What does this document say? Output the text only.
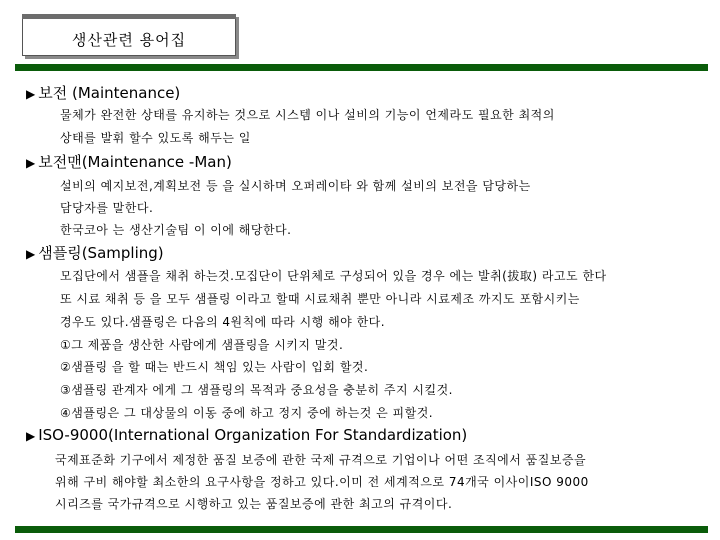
생산관련 용어집
▶ 보전 (Maintenance)
물체가 완전한 상태를 유지하는 것으로 시스템 이나 설비의 기능이 언제라도 필요한 최적의
상태를 발휘 할수 있도록 해두는 일
▶ 보전맨(Maintenance -Man)
설비의 예지보전,계획보전 등 을 실시하며 오퍼레이타 와 함께 설비의 보전을 담당하는
담당자를 말한다.
한국코아 는 생산기술팀 이 이에 해당한다.
▶ 샘플링(Sampling)
모집단에서 샘플을 채취 하는것.모집단이 단위체로 구성되어 있을 경우 에는 발취(拔取) 라고도 한다
또 시료 채취 등 을 모두 샘플링 이라고 할때 시료채취 뿐만 아니라 시료제조 까지도 포함시키는
경우도 있다.샘플링은 다음의 4원칙에 따라 시행 해야 한다.
①그 제품을 생산한 사람에게 샘플링을 시키지 말것.
②샘플링 을 할 때는 반드시 책임 있는 사람이 입회 할것.
③샘플링 관계자 에게 그 샘플링의 목적과 중요성을 충분히 주지 시킬것.
④샘플링은 그 대상물의 이동 중에 하고 정지 중에 하는것 은 피할것.
▶ ISO-9000(International Organization For Standardization)
국제표준화 기구에서 제정한 품질 보증에 관한 국제 규격으로 기업이나 어떤 조직에서 품질보증을
위해 구비 해야할 최소한의 요구사항을 정하고 있다.이미 전 세계적으로 74개국 이사이ISO 9000
시리즈를 국가규격으로 시행하고 있는 품질보증에 관한 최고의 규격이다.
